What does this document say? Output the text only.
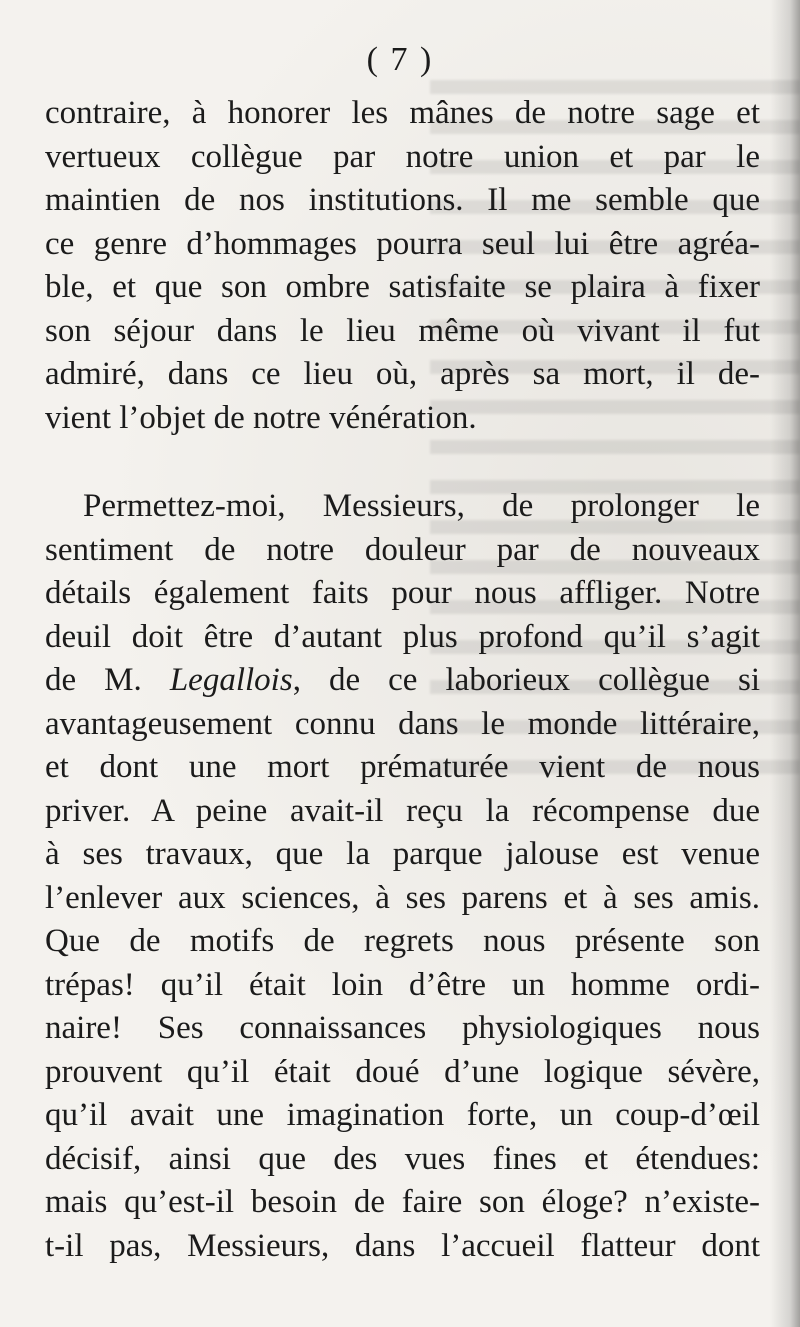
( 7 )
contraire, à honorer les mânes de notre sage et
vertueux collègue par notre union et par le
maintien de nos institutions. Il me semble que
ce genre d’hommages pourra seul lui être agréa-
ble, et que son ombre satisfaite se plaira à fixer
son séjour dans le lieu même où vivant il fut
admiré, dans ce lieu où, après sa mort, il de-
vient l’objet de notre vénération.
Permettez-moi, Messieurs, de prolonger le
sentiment de notre douleur par de nouveaux
détails également faits pour nous affliger. Notre
deuil doit être d’autant plus profond qu’il s’agit
de M. Legallois, de ce laborieux collègue si
avantageusement connu dans le monde littéraire,
et dont une mort prématurée vient de nous
priver. A peine avait-il reçu la récompense due
à ses travaux, que la parque jalouse est venue
l’enlever aux sciences, à ses parens et à ses amis.
Que de motifs de regrets nous présente son
trépas! qu’il était loin d’être un homme ordi-
naire! Ses connaissances physiologiques nous
prouvent qu’il était doué d’une logique sévère,
qu’il avait une imagination forte, un coup-d’œil
décisif, ainsi que des vues fines et étendues:
mais qu’est-il besoin de faire son éloge? n’existe-
t-il pas, Messieurs, dans l’accueil flatteur dont
